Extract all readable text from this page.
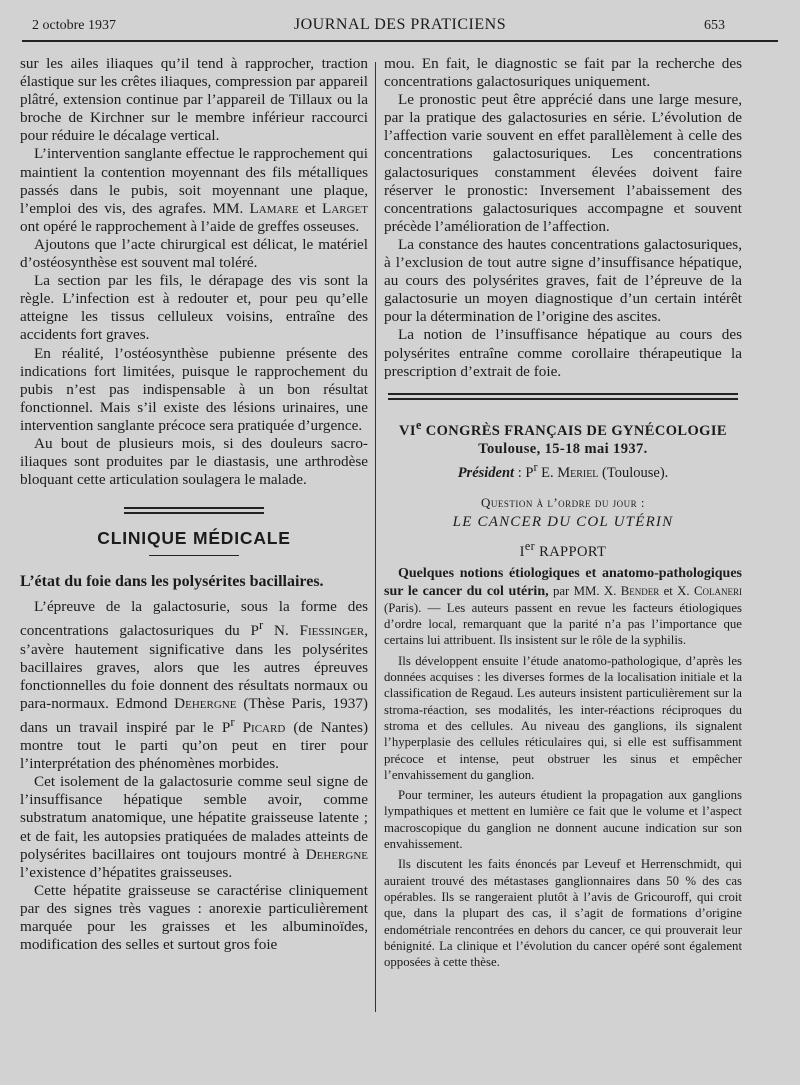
2 octobre 1937	JOURNAL DES PRATICIENS	653

sur les ailes iliaques qu’il tend à rapprocher, traction élastique sur les crêtes iliaques, compression par appareil plâtré, extension continue par l’appareil de Tillaux ou la broche de Kirchner sur le membre inférieur raccourci pour réduire le décalage vertical.

L’intervention sanglante effectue le rapprochement qui maintient la contention moyennant des fils métalliques passés dans le pubis, soit moyennant une plaque, l’emploi des vis, des agrafes. MM. Lamare et Larget ont opéré le rapprochement à l’aide de greffes osseuses.

Ajoutons que l’acte chirurgical est délicat, le matériel d’ostéosynthèse est souvent mal toléré.

La section par les fils, le dérapage des vis sont la règle. L’infection est à redouter et, pour peu qu’elle atteigne les tissus celluleux voisins, entraîne des accidents fort graves.

En réalité, l’ostéosynthèse pubienne présente des indications fort limitées, puisque le rapprochement du pubis n’est pas indispensable à un bon résultat fonctionnel. Mais s’il existe des lésions urinaires, une intervention sanglante précoce sera pratiquée d’urgence.

Au bout de plusieurs mois, si des douleurs sacro-iliaques sont produites par le diastasis, une arthrodèse bloquant cette articulation soulagera le malade.

CLINIQUE MÉDICALE

L’état du foie dans les polysérites bacillaires.

L’épreuve de la galactosurie, sous la forme des concentrations galactosuriques du $P^r$ N. Fiessinger, s’avère hautement significative dans les polysérites bacillaires graves, alors que les autres épreuves fonctionnelles du foie donnent des résultats normaux ou para-normaux. Edmond Dehergne (Thèse Paris, 1937) dans un travail inspiré par le $P^r$ Picard (de Nantes) montre tout le parti qu’on peut en tirer pour l’interprétation des phénomènes morbides.

Cet isolement de la galactosurie comme seul signe de l’insuffisance hépatique semble avoir, comme substratum anatomique, une hépatite graisseuse latente ; et de fait, les autopsies pratiquées de malades atteints de polysérites bacillaires ont toujours montré à Dehergne l’existence d’hépatites graisseuses.

Cette hépatite graisseuse se caractérise cliniquement par des signes très vagues : anorexie particulièrement marquée pour les graisses et les albuminoïdes, modification des selles et surtout gros foie

mou. En fait, le diagnostic se fait par la recherche des concentrations galactosuriques uniquement.

Le pronostic peut être apprécié dans une large mesure, par la pratique des galactosuries en série. L’évolution de l’affection varie souvent en effet parallèlement à celle des concentrations galactosuriques. Les concentrations galactosuriques constamment élevées doivent faire réserver le pronostic: Inversement l’abaissement des concentrations galactosuriques accompagne et souvent précède l’amélioration de l’affection.

La constance des hautes concentrations galactosuriques, à l’exclusion de tout autre signe d’insuffisance hépatique, au cours des polysérites graves, fait de l’épreuve de la galactosurie un moyen diagnostique d’un certain intérêt pour la détermination de l’origine des ascites.

La notion de l’insuffisance hépatique au cours des polysérites entraîne comme corollaire thérapeutique la prescription d’extrait de foie.

VIe CONGRÈS FRANÇAIS DE GYNÉCOLOGIE
Toulouse, 15-18 mai 1937.
Président : $P^r$ E. Meriel (Toulouse).
Question à l’ordre du jour :
LE CANCER DU COL UTÉRIN
Ier RAPPORT

Quelques notions étiologiques et anatomo-pathologiques sur le cancer du col utérin, par MM. X. Bender et X. Colaneri (Paris). — Les auteurs passent en revue les facteurs étiologiques d’ordre local, remarquant que la parité n’a pas l’importance que certains lui attribuent. Ils insistent sur le rôle de la syphilis.

Ils développent ensuite l’étude anatomo-pathologique, d’après les données acquises : les diverses formes de la localisation initiale et la classification de Regaud. Les auteurs insistent particulièrement sur la stroma-réaction, ses modalités, les inter-réactions réciproques du stroma et des cellules. Au niveau des ganglions, ils signalent l’hyperplasie des cellules réticulaires qui, si elle est suffisamment précoce et intense, peut obstruer les sinus et empêcher l’envahissement du ganglion.

Pour terminer, les auteurs étudient la propagation aux ganglions lympathiques et mettent en lumière ce fait que le volume et l’aspect macroscopique du ganglion ne donnent aucune indication sur son envahissement.

Ils discutent les faits énoncés par Leveuf et Herrenschmidt, qui auraient trouvé des métastases ganglionnaires dans 50 % des cas opérables. Ils se rangeraient plutôt à l’avis de Gricouroff, qui croit que, dans la plupart des cas, il s’agit de formations d’origine endométriale rencontrées en dehors du cancer, ce qui prouverait leur bénignité. La clinique et l’évolution du cancer opéré sont également opposées à cette thèse.
